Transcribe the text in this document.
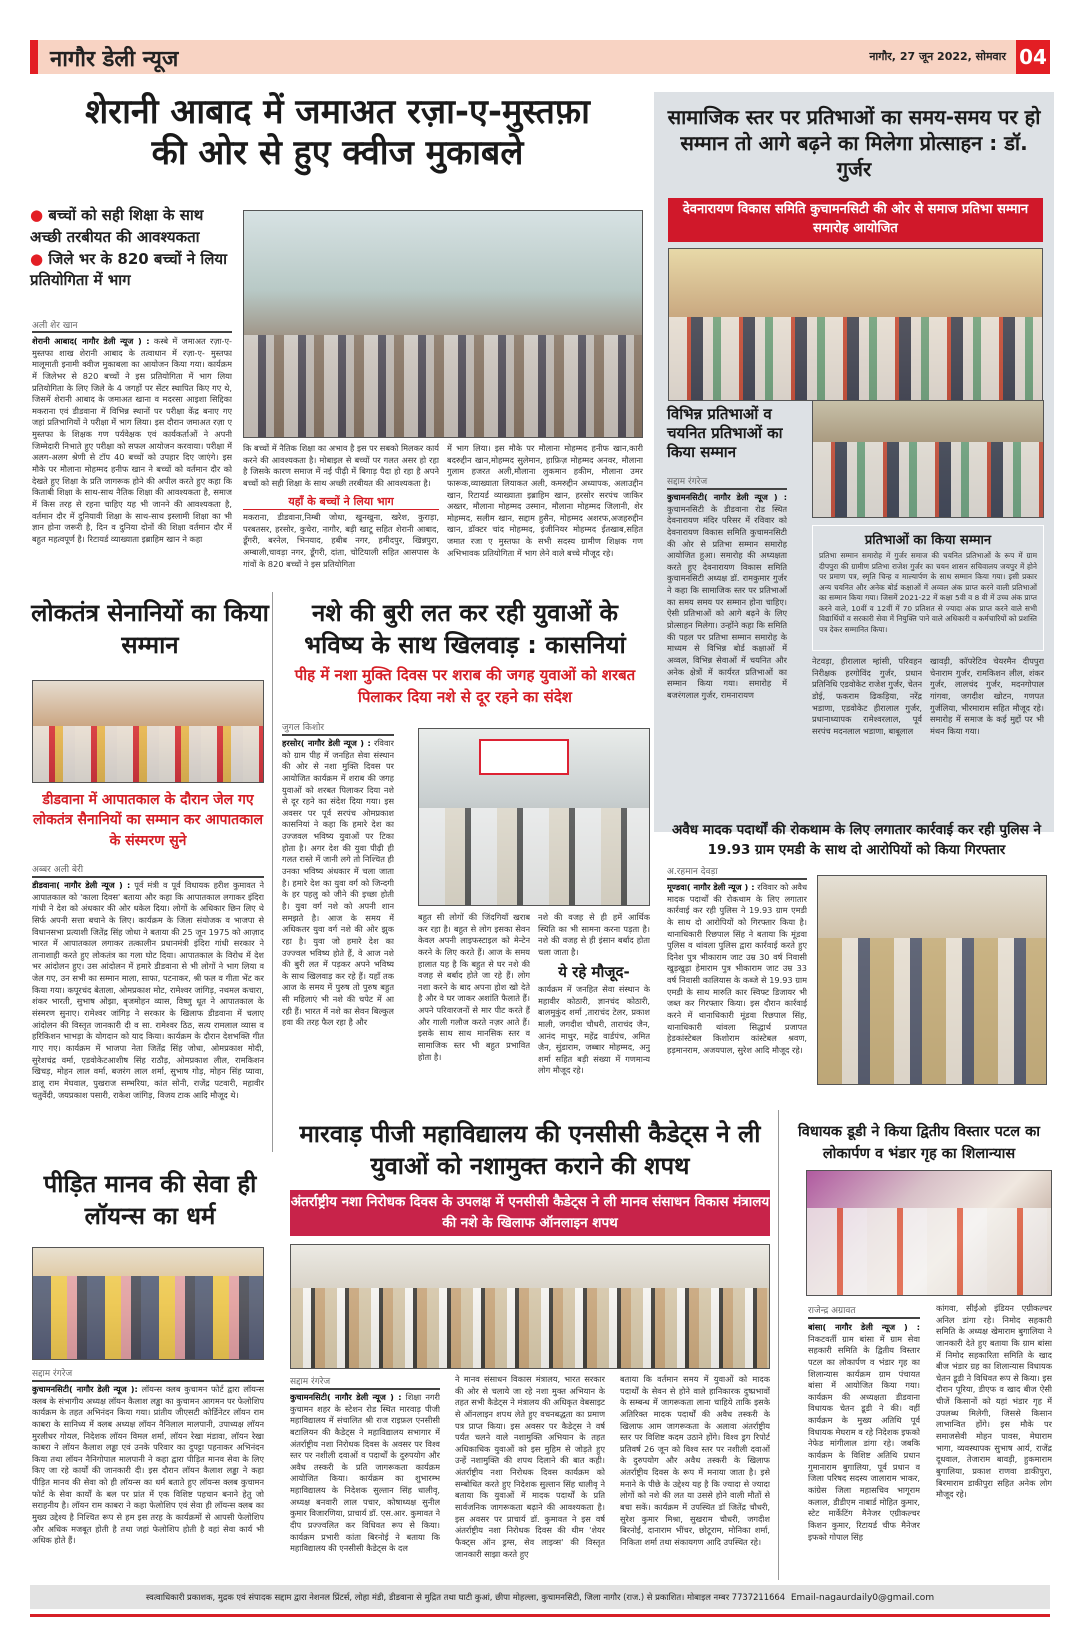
नागौर डेली न्यूज	नागौर, 27 जून 2022, सोमवार 04
शेरानी आबाद में जमाअत रज़ा-ए-मुस्तफ़ा
की ओर से हुए क्वीज मुकाबले
● बच्चों को सही शिक्षा के साथ अच्छी तरबीयत की आवश्यकता
● जिले भर के 820 बच्चों ने लिया प्रतियोगिता में भाग
अली शेर खान
शेरानी आबाद( नागौर डेली न्यूज ) : कस्बे में जमाअत रज़ा-ए-मुस्तफा शाख शेरानी आबाद के तत्वाधान में रज़ा-ए- मुस्तफा मालूमाती इनामी क्वीज मुकाबला का आयोजन किया गया। कार्यक्रम में जिलेभर से 820 बच्चों ने इस प्रतियोगिता में भाग लिया प्रतियोगिता के लिए जिले के 4 जगहों पर सेंटर स्थापित किए गए थे, जिसमें शेरानी आबाद के जमाअत खाना व मदरसा आइशा सिद्दिका मकराना एवं डीडवाना में विभिन्न स्थानों पर परीक्षा केंद्र बनाए गए जहां प्रतिभागियों ने परीक्षा में भाग लिया। इस दौरान जमाअत रज़ा ए मुस्तफा के शिक्षक गण पर्यवेक्षक एवं कार्यकर्ताओं ने अपनी जिम्मेदारी निभाते हुए परीक्षा को सफल आयोजन करवाया। परीक्षा में अलग-अलग श्रेणी से टॉप 40 बच्चों को उपहार दिए जाएंगे। इस मौके पर मौलाना मोहम्मद हनीफ खान ने बच्चों को वर्तमान दौर को देखते हुए शिक्षा के प्रति जागरूक होने की अपील करते हुए कहा कि किताबी शिक्षा के साथ-साथ नैतिक शिक्षा की आवश्यकता है, समाज में किस तरह से रहना चाहिए यह भी जानने की आवश्यकता है, वर्तमान दौर में दुनियावी शिक्षा के साथ-साथ इस्लामी शिक्षा का भी ज्ञान होना जरूरी है, दिन व दुनिया दोनों की शिक्षा वर्तमान दौर में बहुत महत्वपूर्ण है। रिटायर्ड व्याख्याता इब्राहिम खान ने कहा
कि बच्चों में नैतिक शिक्षा का अभाव है इस पर सबको मिलकर कार्य करने की आवश्यकता है। मोबाइल से बच्चों पर गलत असर हो रहा है जिसके कारण समाज में नई पीढ़ी में बिगाड़ पैदा हो रहा है अपने बच्चों को सही शिक्षा के साथ अच्छी तरबीयत की आवश्यकता है।
यहाँ के बच्चों ने लिया भाग
मकराना, डीडवाना,निम्बी जोधा, खुनखुना, खरेश, कुराड़ा, परबतसर, हरसोर, कुचेरा, नागौर, बड़ी खाटू सहित शेरानी आबाद, डूँगरी, बरनेल, भिनयाद, हबीब नगर, हमीदपुर, खिन्नपुरा, अम्बाली,चावड़ा नगर, डूँगरी, दांता, चोटियाली सहित आसपास के गांवों के 820 बच्चों ने इस प्रतियोगिता
में भाग लिया। इस मौके पर मौलाना मोहम्मद हनीफ खान,कारी बदरुद्दीन खान,मोहम्मद सुलेमान, हाफ़िज़ मोहम्मद अनवर, मौलाना गुलाम हजरत अली,मौलाना लुकमान हकीम, मौलाना उमर फारूक,व्याख्याता लियाकत अली, कमरुद्दीन अध्यापक, अलाउद्दीन खान, रिटायर्ड व्याख्याता इब्राहिम खान, हरसोर सरपंच जाकिर अख्तर, मौलाना मोहम्मद उस्मान, मौलाना मोहम्मद जिलानी, शेर मोहम्मद, सलीम खान, सद्दाम हुसैन, मोहम्मद अशरफ,अजहरुद्दीन खान, डॉक्टर चांद मोहम्मद, इंजीनियर मोहम्मद ईतखाब,सहित जमात रजा ए मुस्तफा के सभी सदस्य ग्रामीण शिक्षक गण अभिभावक प्रतियोगिता में भाग लेने वाले बच्चे मौजूद रहे।
सामाजिक स्तर पर प्रतिभाओं का समय-समय पर हो सम्मान तो आगे बढ़ने का मिलेगा प्रोत्साहन : डॉ. गुर्जर
देवनारायण विकास समिति कुचामनसिटी की ओर से समाज प्रतिभा सम्मान समारोह आयोजित
विभिन्न प्रतिभाओं व चयनित प्रतिभाओं का किया सम्मान
सद्दाम रंगरेज
कुचामनसिटी( नागौर डेली न्यूज ) : कुचामनसिटी के डीडवाना रोड स्थित देवनारायण मंदिर परिसर में रविवार को देवनारायण विकास समिति कुचामनसिटी की ओर से प्रतिभा सम्मान समारोह आयोजित हुआ। समारोह की अध्यक्षता करते हुए देवनारायण विकास समिति कुचामनसिटी अध्यक्ष डॉ. रामकुमार गुर्जर ने कहा कि सामाजिक स्तर पर प्रतिभाओं का समय समय पर सम्मान होना चाहिए। ऐसी प्रतिभाओं को आगे बढ़ने के लिए प्रोत्साहन मिलेगा। उन्होंने कहा कि समिति की पहल पर प्रतिभा सम्मान समारोह के माध्यम से विभिन्न बोर्ड कक्षाओं में अव्वल, विभिन्न सेवाओं में चयनित और अनेक क्षेत्रों में कार्यरत प्रतिभाओं का सम्मान किया गया। समारोह में बजरंगलाल गुर्जर, रामनारायण
प्रतिभाओं का किया सम्मान
प्रतिभा सम्मान समारोह में गुर्जर समाज की चयनित प्रतिभाओं के रूप में ग्राम दीपपुरा की ग्रामीण प्रतिभा राजेश गुर्जर का चयन शासन सचिवालय जयपुर में होने पर प्रमाण पत्र, स्मृति चिन्ह व माल्यार्पण के साथ सम्मान किया गया। इसी प्रकार अन्य चयनित और अनेक बोर्ड कक्षाओं में अव्वल अंक प्राप्त करने वाली प्रतिभाओं का सम्मान किया गया। जिसमें 2021-22 में कक्षा 5वी व 8 वी में उच्च अंक प्राप्त करने वाले, 10वीं व 12वीं में 70 प्रतिशत से ज्यादा अंक प्राप्त करने वाले सभी विद्यार्थियों व सरकारी सेवा में नियुक्ति पाने वाले अधिकारी व कर्मचारियों को प्रशस्ति पत्र देकर सम्मानित किया।
नेटवड़ा, हीरालाल म्हांसी, परिवहन निरीक्षक हरगोविंद गुर्जर, प्रधान प्रतिनिधि एडवोकेट राजेश गुर्जर, चेतन डोई, फकराम ढिकड़िया, नरेंद्र भडाणा, एडवोकेट हीरालाल गुर्जर, प्रधानाध्यापक रामेश्वरलाल, पूर्व सरपंच मदनलाल भडाणा, बाबूलाल
खावड़ी, कॉपरेटिव चेयरमैन दीपपुरा चेनाराम गुर्जर, रामकिशन लील, शंकर गुर्जर, लालचंद गुर्जर, मदनगोपाल गांगवा, जगदीश खोटन, गणपत गुर्जलिया, भीरमाराम सहित मौजूद रहे। समारोह में समाज के कई मुद्दों पर भी मंथन किया गया।
अवैध मादक पदार्थों की रोकथाम के लिए लगातार कार्रवाई कर रही पुलिस ने 19.93 ग्राम एमडी के साथ दो आरोपियों को किया गिरफ्तार
अ.रहमान देवड़ा
मूण्डवा( नागौर डेली न्यूज ) : रविवार को अवैध मादक पदार्थों की रोकथाम के लिए लगातार कार्रवाई कर रही पुलिस ने 19.93 ग्राम एमडी के साथ दो आरोपियों को गिरफ्तार किया है। थानाधिकारी रिछपाल सिंह ने बताया कि मूंडवा पुलिस व थांवला पुलिस द्वारा कार्रवाई करते हुए दिनेश पुत्र भीकाराम जाट उम्र 30 वर्ष निवासी खुड़खुड़ा हेमाराम पुत्र भीकाराम जाट उम्र 33 वर्ष निवासी कालियास के कब्जे से 19.93 ग्राम एमडी के साथ मारुति कार स्विफ्ट डिजायर भी जब्त कर गिरफ्तार किया। इस दौरान कार्रवाई करने में थानाधिकारी मूंडवा रिछपाल सिंह, थानाधिकारी थांवला सिद्धार्थ प्रजापत हेडकांस्टेबल किशोराम कांस्टेबल श्रवण, हड़मानराम, अजयपाल, सुरेश आदि मौजूद रहे।
लोकतंत्र सेनानियों का किया सम्मान
डीडवाना में आपातकाल के दौरान जेल गए लोकतंत्र सैनानियों का सम्मान कर आपातकाल के संस्मरण सुने
अब्बर अली बेरी
डीडवाना( नागौर डेली न्यूज ) : पूर्व मंत्री व पूर्व विधायक हरीश कुमावत ने आपातकाल को 'काला दिवस' बताया और कहा कि आपातकाल लगाकर इंदिरा गांधी ने देश को अंधकार की ओर धकेल दिया। लोगों के अधिकार छिन लिए थे सिर्फ अपनी सत्ता बचाने के लिए। कार्यक्रम के जिला संयोजक व भाजपा से विधानसभा प्रत्याशी जितेंद्र सिंह जोधा ने बताया की 25 जून 1975 को आज़ाद भारत में आपातकाल लगाकर तत्कालीन प्रधानमंत्री इंदिरा गांधी सरकार ने तानाशाही करते हुए लोकतंत्र का गला घोट दिया। आपातकाल के विरोध में देश भर आंदोलन हुए। उस आंदोलन में हमारे डीडवाना से भी लोगों ने भाग लिया व जेल गए, उन सभी का सम्मान माला, साफा, पटनाकर, श्री फल व गीता भेंट कर किया गया। कपूरचंद बेताला, ओमप्रकाश मोट, रामेश्वर जांगिड़, नथमल कचारा, शंकर भारती, सुभाष ओझा, बृजमोहन व्यास, विष्णु धूत ने आपातकाल के संस्मरण सुनाए। रामेश्वर जांगिड़ ने सरकार के खिलाफ डीडवाना में चलाए आंदोलन की विस्तृत जानकारी दी व सा. रामेश्वर ठिठ, सत्य रामलाल व्यास व हरिकिशन भाभड़ा के योगदान को याद किया। कार्यक्रम के दौरान देशभक्ति गीत गाए गए। कार्यक्रम में भाजपा नेता जितेंद्र सिंह जोधा, ओमप्रकाश मोदी, सुरेशचंद्र वर्मा, एडवोकेटआशीष सिंह राठौड़, ओमप्रकाश लील, रामकिशन खिचड़, मोहन लाल वर्मा, बजरंग लाल शर्मा, सुभाष गोड़, मोहन सिंह प्यावा, डालू राम मेघवाल, पुखराज सम्भरिया, कांत सोनी, राजेंद्र पटवारी, महावीर चतुर्वेदी, जयप्रकाश पसारी, राकेश जांगिड़, विजय टाक आदि मौजूद थे।
नशे की बुरी लत कर रही युवाओं के भविष्य के साथ खिलवाड़ : कासनियां
पीह में नशा मुक्ति दिवस पर शराब की जगह युवाओं को शरबत पिलाकर दिया नशे से दूर रहने का संदेश
जुगल किशोर
हरसोर( नागौर डेली न्यूज ) : रविवार को ग्राम पीह में जनहित सेवा संस्थान की ओर से नशा मुक्ति दिवस पर आयोजित कार्यक्रम में शराब की जगह युवाओं को शरबत पिलाकर दिया नशे से दूर रहने का संदेश दिया गया। इस अवसर पर पूर्व सरपंच ओमप्रकाश कासनियां ने कहा कि हमारे देश का उज्जवल भविष्य युवाओं पर टिका होता है। अगर देश की युवा पीढ़ी ही गलत रास्ते में जानी लगे तो निश्चित ही उनका भविष्य अंधकार में चला जाता है। हमारे देश का युवा वर्ग को जिन्दगी के हर पहलु को जीने की इच्छा होती है। युवा वर्ग नशे को अपनी शान समझते है। आज के समय में अधिकतर युवा वर्ग नशे की ओर झुक रहा है। युवा जो हमारे देश का उज्ज्वल भविष्य होते हैं, वे आज नशे की बुरी लत में पड़कर अपने भविष्य के साथ खिलवाड़ कर रहे हैं। यहाँ तक आज के समय में पुरुष तो पुरुष बहुत सी महिलाएं भी नशे की चपेट में आ रही हैं। भारत में नशे का सेवन बिल्कुल हवा की तरह फैल रहा है और
बहुत सी लोगों की जिंदगियाँ खराब कर रहा है। बहुत से लोग इसका सेवन केवल अपनी लाइफस्टाइल को मेन्टेन करने के लिए करते हैं। आज के समय हालात यह है कि बहुत से घर नशे की वजह से बर्बाद होते जा रहे हैं। लोग नशा करने के बाद अपना होश खो देते है और वे घर जाकर अशांति फैलाते हैं। अपने परिवारजनों से मार पीट करते हैं और गाली गलौज करते नज़र आते हैं। इसके साथ साथ मानसिक स्तर व सामाजिक स्तर भी बहुत प्रभावित होता है।
नशे की वजह से ही हमें आर्थिक स्थिति का भी सामना करना पड़ता है। नशे की वजह से ही इंसान बर्बाद होता चला जाता है।
ये रहे मौजूद-
कार्यक्रम में जनहित सेवा संस्थान के महावीर कोठारी, ज्ञानचंद कोठारी, बालमुकुंद शर्मा ,ताराचंद टेलर, प्रकाश माली, जगदीश चौधरी, ताराचंद जैन, आनंद माथुर, महेंद्र वार्डपंच, अमित जैन, सुंडाराम, जब्बार मोहम्मद, अनु शर्मा सहित बड़ी संख्या में गणमान्य लोग मौजूद रहे।
पीड़ित मानव की सेवा ही लॉयन्स का धर्म
सद्दाम रंगरेज
कुचामनसिटी( नागौर डेली न्यूज ): लॉयन्स क्लब कुचामन फोर्ट द्वारा लॉयन्स क्लब के संभागीय अध्यक्ष लॉयन कैलाश लड्ढा का कुचामन आगमन पर फेलोशिप कार्यक्रम के तहत अभिनंदन किया गया। प्रांतीय जीएसटी कोर्डिनेटर लॉयन राम काबरा के सानिध्य में क्लब अध्यक्ष लॉयन नैनिलाल मालपानी, उपाध्यक्ष लॉयन मुरलीधर गोयल, निदेशक लॉयन विमल शर्मा, लॉयन रेखा मंडावा, लॉयन रेखा काबरा ने लॉयन कैलाश लड्ढा एवं उनके परिवार का दुपट्टा पहनाकर अभिनंदन किया तथा लॉयन नैनिगोपाल मालपानी ने कहा द्वारा पीड़ित मानव सेवा के लिए किए जा रहे कार्यों की जानकारी दी। इस दौरान लॉयन कैलाश लड्ढा ने कहा पीड़ित मानव की सेवा को ही लॉयन्स का धर्म बताते हुए लॉयन्स क्लब कुचामन फोर्ट के सेवा कार्यों के बल पर प्रांत में एक विशिष्ट पहचान बनाने हेतु जो सराहनीय है। लॉयन राम काबरा ने कहा फेलोशिप एवं सेवा ही लॉयन्स क्लब का मुख्य उद्देश्य है निश्चित रूप से हम इस तरह के कार्यक्रमों से आपसी फेलोशिप और अधिक मजबूत होती है तथा जहां फेलोशिप होती है वहां सेवा कार्य भी अधिक होते हैं।
मारवाड़ पीजी महाविद्यालय की एनसीसी कैडेट्स ने ली युवाओं को नशामुक्त कराने की शपथ
अंतर्राष्ट्रीय नशा निरोधक दिवस के उपलक्ष में एनसीसी कैडेट्स ने ली मानव संसाधन विकास मंत्रालय की नशे के खिलाफ ऑनलाइन शपथ
सद्दाम रंगरेज
कुचामनसिटी( नागौर डेली न्यूज ) : शिक्षा नगरी कुचामन शहर के स्टेशन रोड स्थित मारवाड़ पीजी महाविद्यालय में संचालित श्री राज राइफ़ल एनसीसी बटालियन की कैडेट्स ने महाविद्यालय सभागार में अंतर्राष्ट्रीय नशा निरोधक दिवस के अवसर पर विश्व स्तर पर नशीली दवाओं व पदार्थों के दुरुपयोग और अवैध तस्करी के प्रति जागरूकता कार्यक्रम आयोजित किया। कार्यक्रम का शुभारम्भ महाविद्यालय के निदेशक सुल्तान सिंह धालीवृ, अध्यक्ष बनवारी लाल पचार, कोषाध्यक्ष सुनील कुमार विजारणिया, प्राचार्य डॉ. एस.आर. कुमावत ने दीप प्रज्ज्वलित कर विधिवत रूप से किया। कार्यक्रम प्रभारी कांता बिरनोई ने बताया कि महाविद्यालय की एनसीसी कैडेट्स के दल
ने मानव संसाधन विकास मंत्रालय, भारत सरकार की ओर से चलाये जा रहे नशा मुक्त अभियान के तहत सभी कैडेट्स ने मंत्रालय की अधिकृत वेबसाइट से ऑनलाइन शपथ लेते हुए वचनबद्धता का प्रमाण पत्र प्राप्त किया। इस अवसर पर कैडेट्स ने वर्ष पर्यंत चलने वाले नशामुक्ति अभियान के तहत अधिकाधिक युवाओं को इस मुहिम से जोड़ते हुए उन्हें नशामुक्ति की शपथ दिलाने की बात कही। अंतर्राष्ट्रीय नशा निरोधक दिवस कार्यक्रम को सम्बोधित करते हुए निदेशक सुल्तान सिंह धालीवृ ने बताया कि युवाओं में मादक पदार्थों के प्रति सार्वजनिक जागरूकता बढ़ाने की आवश्यकता है। इस अवसर पर प्राचार्य डॉ. कुमावत ने इस वर्ष अंतर्राष्ट्रीय नशा निरोधक दिवस की थीम 'शेयर फैक्ट्स ऑन ड्रग्स, सेव लाइव्स' की विस्तृत जानकारी साझा करते हुए
बताया कि वर्तमान समय में युवाओं को मादक पदार्थों के सेवन से होने वाले हानिकारक दुष्प्रभावों के सम्बन्ध में जागरूकता लाना चाहिये ताकि इसके अतिरिक्त मादक पदार्थों की अवैध तस्करी के खिलाफ आम जागरूकता के अलावा अंतर्राष्ट्रीय स्तर पर विशिष्ट कदम उठाने होंगे। विश्व ड्रग रिपोर्ट प्रतिवर्ष 26 जून को विश्व स्तर पर नशीली दवाओं के दुरुपयोग और अवैध तस्करी के खिलाफ अंतर्राष्ट्रीय दिवस के रूप में मनाया जाता है। इसे मनाने के पीछे के उद्देश्य यह है कि ज्यादा से ज्यादा लोगों को नशे की लत या उससे होने वाली मौतों से बचा सकें। कार्यक्रम में उपस्थित डॉ जितेंद्र चौधरी, सुरेश कुमार मिश्रा, सुखराम चौधरी, जगदीश बिरनोई, दानाराम भींचर, छोटूराम, मोनिका शर्मा, निकिता शर्मा तथा संकायगण आदि उपस्थित रहे।
विधायक डूडी ने किया द्वितीय विस्तार पटल का लोकार्पण व भंडार गृह का शिलान्यास
राजेन्द्र अग्रावत
बांसा( नागौर डेली न्यूज ) : निकटवर्ती ग्राम बांसा में ग्राम सेवा सहकारी समिति के द्वितीय विस्तार पटल का लोकार्पण व भंडार गृह का शिलान्यास कार्यक्रम ग्राम पंचायत बांसा में आयोजित किया गया। कार्यक्रम की अध्यक्षता डीडवाना विधायक चेतन डूडी ने की। वहीं कार्यक्रम के मुख्य अतिथि पूर्व विधायक मेघराम व रहे निदेशक इफको नेफेड मांगीलाल डांगा रहे। जबकि कार्यक्रम के विशिष्ट अतिथि प्रधान गुमानाराम बुगालिया, पूर्व प्रधान व जिला परिषद सदस्य जालाराम भाकर, कांग्रेस जिला महासचिव भागूराम कलाल, डीडीएम नाबार्ड मोहित कुमार, स्टेट मार्केटिंग मैनेजर एग्रीकल्चर किशन कुमार, रिटायर्ड चीफ मैनेजर इफको गोपाल सिंह
कांगवा, सीईओ इंडियन एग्रीकल्चर अनिल डांगा रहे। निमोद सहकारी समिति के अध्यक्ष खेमाराम बुगालिया ने जानकारी देते हुए बताया कि ग्राम बांसा में निमोद सहकारिता समिति के खाद बीज भंडार ग्रह का शिलान्यास विधायक चेतन डूडी ने विधिवत रूप से किया। इस दौरान पूरिया, डीएफ व खाद बीज ऐसी चीजें किसानों को यहां भंडार गृह में उपलब्ध मिलेगी, जिससे किसान लाभान्वित होंगे। इस मौके पर समाजसेवी मोहन पावस, मेघाराम भागा, व्यवस्थापक सुभाष आर्य, राजेंद्र दूधवाल, तेजाराम बावड़ी, हुकमाराम बुगालिया, प्रकाश राणवा डाकीपुरा, बिरमाराम डाकीपुरा सहित अनेक लोग मौजूद रहे।
स्वत्वाधिकारी प्रकाशक, मुद्रक एवं संपादक सद्दाम द्वारा नेशनल प्रिंटर्स, लोहा मंडी, डीडवाना से मुद्रित तथा घाटी कुआं, छीपा मोहल्ला, कुचामनसिटी, जिला नागौर (राज.) से प्रकाशित। मोबाइल नम्बर 7737211664 Email-nagaurdaily0@gmail.com
